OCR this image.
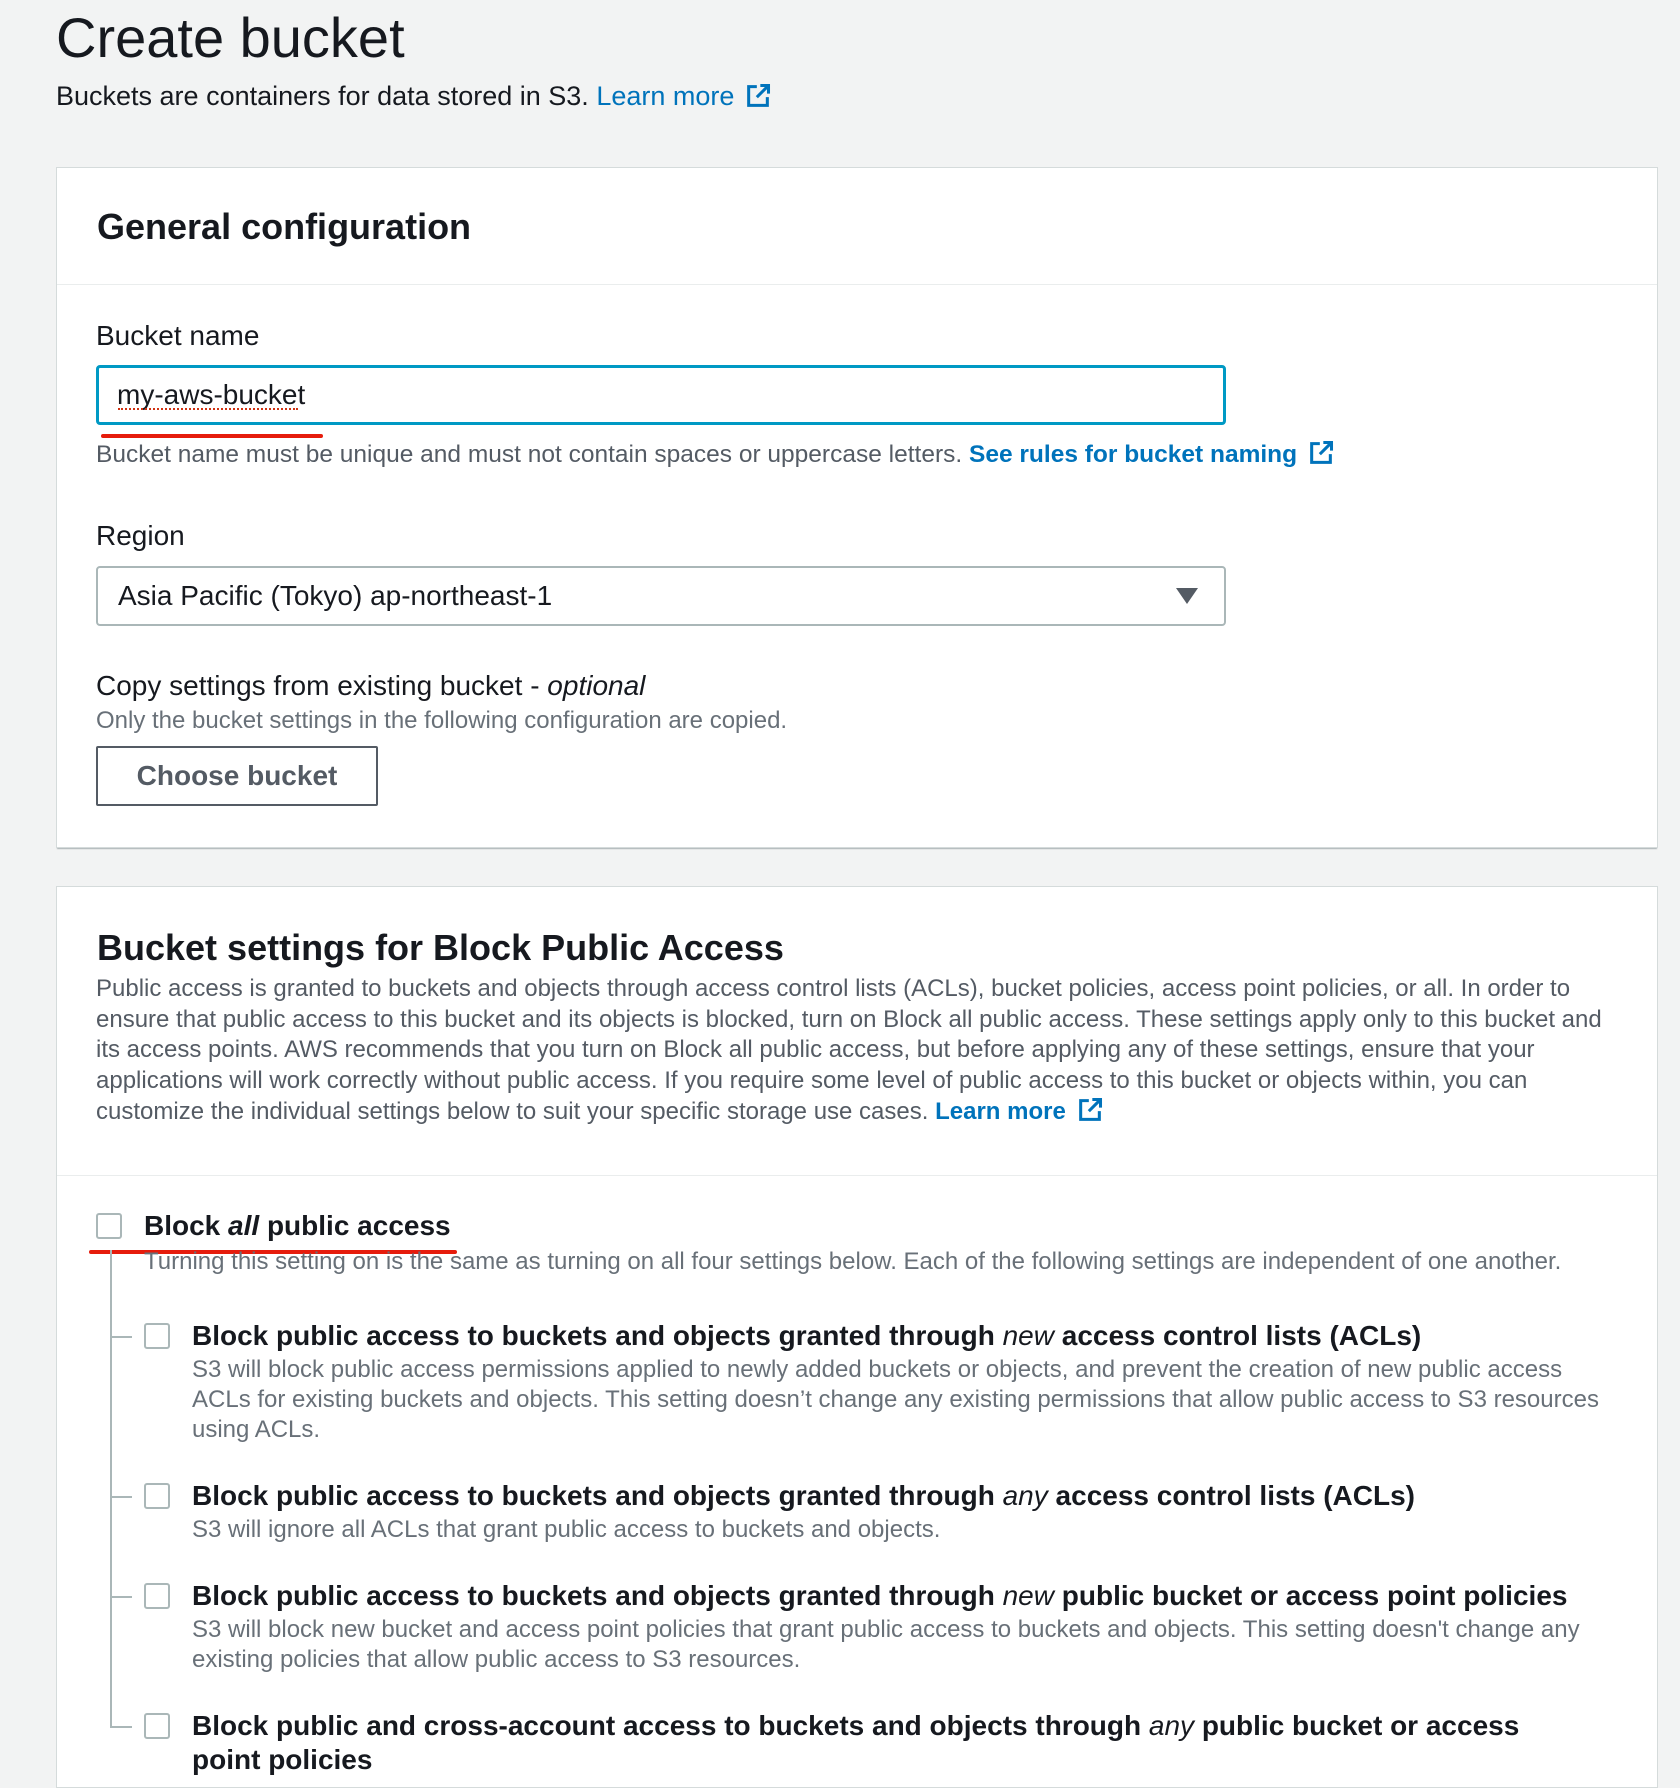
Create bucket
Buckets are containers for data stored in S3. Learn more
General configuration
Bucket name
my-aws-bucket
Bucket name must be unique and must not contain spaces or uppercase letters. See rules for bucket naming
Region
Asia Pacific (Tokyo) ap-northeast-1
Copy settings from existing bucket - optional
Only the bucket settings in the following configuration are copied.
Choose bucket
Bucket settings for Block Public Access
Public access is granted to buckets and objects through access control lists (ACLs), bucket policies, access point policies, or all. In order to ensure that public access to this bucket and its objects is blocked, turn on Block all public access. These settings apply only to this bucket and its access points. AWS recommends that you turn on Block all public access, but before applying any of these settings, ensure that your applications will work correctly without public access. If you require some level of public access to this bucket or objects within, you can customize the individual settings below to suit your specific storage use cases. Learn more
Block all public access
Turning this setting on is the same as turning on all four settings below. Each of the following settings are independent of one another.
Block public access to buckets and objects granted through new access control lists (ACLs)
S3 will block public access permissions applied to newly added buckets or objects, and prevent the creation of new public access ACLs for existing buckets and objects. This setting doesn’t change any existing permissions that allow public access to S3 resources using ACLs.
Block public access to buckets and objects granted through any access control lists (ACLs)
S3 will ignore all ACLs that grant public access to buckets and objects.
Block public access to buckets and objects granted through new public bucket or access point policies
S3 will block new bucket and access point policies that grant public access to buckets and objects. This setting doesn't change any existing policies that allow public access to S3 resources.
Block public and cross-account access to buckets and objects through any public bucket or access point policies
